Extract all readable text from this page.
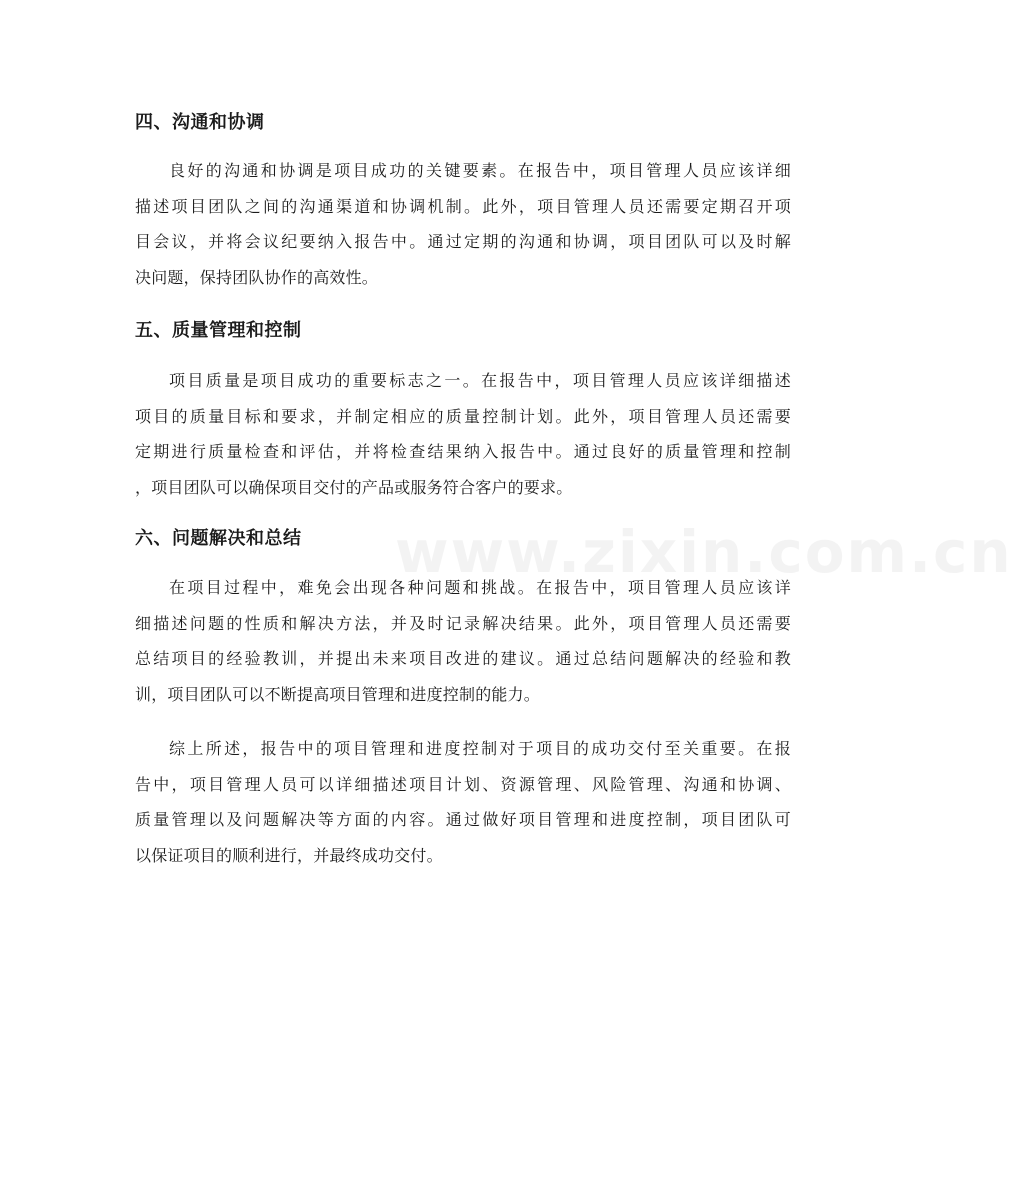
www.zixin.com.cn
四、沟通和协调
良好的沟通和协调是项目成功的关键要素。在报告中，项目管理人员应该详细
描述项目团队之间的沟通渠道和协调机制。此外，项目管理人员还需要定期召开项
目会议，并将会议纪要纳入报告中。通过定期的沟通和协调，项目团队可以及时解
决问题，保持团队协作的高效性。
五、质量管理和控制
项目质量是项目成功的重要标志之一。在报告中，项目管理人员应该详细描述
项目的质量目标和要求，并制定相应的质量控制计划。此外，项目管理人员还需要
定期进行质量检查和评估，并将检查结果纳入报告中。通过良好的质量管理和控制
，项目团队可以确保项目交付的产品或服务符合客户的要求。
六、问题解决和总结
在项目过程中，难免会出现各种问题和挑战。在报告中，项目管理人员应该详
细描述问题的性质和解决方法，并及时记录解决结果。此外，项目管理人员还需要
总结项目的经验教训，并提出未来项目改进的建议。通过总结问题解决的经验和教
训，项目团队可以不断提高项目管理和进度控制的能力。
综上所述，报告中的项目管理和进度控制对于项目的成功交付至关重要。在报
告中，项目管理人员可以详细描述项目计划、资源管理、风险管理、沟通和协调、
质量管理以及问题解决等方面的内容。通过做好项目管理和进度控制，项目团队可
以保证项目的顺利进行，并最终成功交付。
